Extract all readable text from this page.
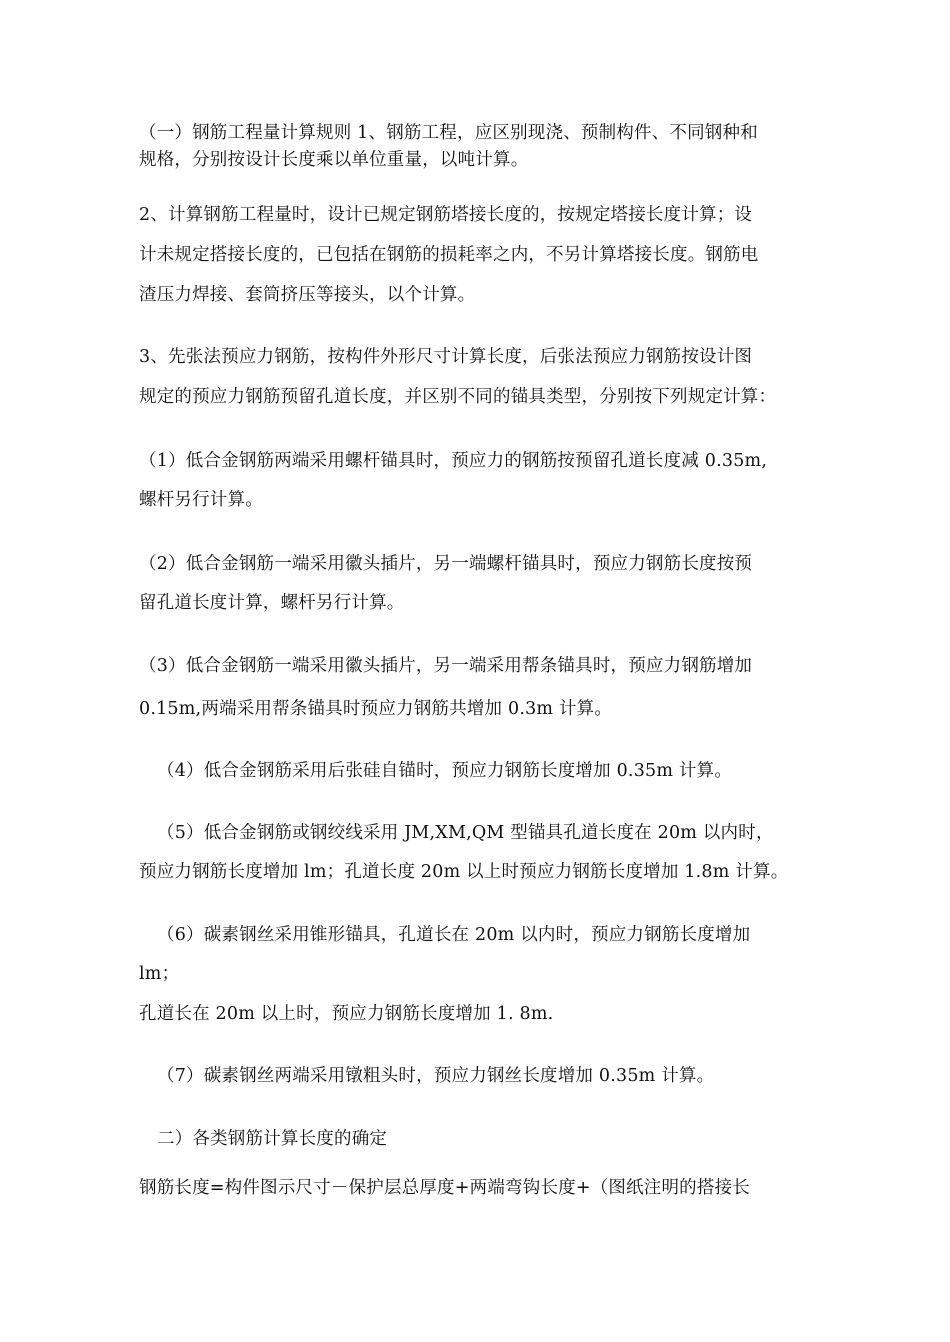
（一）钢筋工程量计算规则 1、钢筋工程，应区别现浇、预制构件、不同钢种和
规格，分别按设计长度乘以单位重量，以吨计算。
2、计算钢筋工程量时，设计已规定钢筋塔接长度的，按规定塔接长度计算；设
计未规定搭接长度的，已包括在钢筋的损耗率之内，不另计算塔接长度。钢筋电
渣压力焊接、套筒挤压等接头，以个计算。
3、先张法预应力钢筋，按构件外形尺寸计算长度，后张法预应力钢筋按设计图
规定的预应力钢筋预留孔道长度，并区别不同的锚具类型，分别按下列规定计算：
（1）低合金钢筋两端采用螺杆锚具时，预应力的钢筋按预留孔道长度减 0.35m,
螺杆另行计算。
（2）低合金钢筋一端采用徽头插片，另一端螺杆锚具时，预应力钢筋长度按预
留孔道长度计算，螺杆另行计算。
（3）低合金钢筋一端采用徽头插片，另一端采用帮条锚具时，预应力钢筋增加
0.15m,两端采用帮条锚具时预应力钢筋共增加 0.3m 计算。
（4）低合金钢筋采用后张硅自锚时，预应力钢筋长度增加 0.35m 计算。
（5）低合金钢筋或钢绞线采用 JM,XM,QM 型锚具孔道长度在 20m 以内时，
预应力钢筋长度增加 lm；孔道长度 20m 以上时预应力钢筋长度增加 1.8m 计算。
（6）碳素钢丝采用锥形锚具，孔道长在 20m 以内时，预应力钢筋长度增加
lm；
孔道长在 20m 以上时，预应力钢筋长度增加 1. 8m.
（7）碳素钢丝两端采用镦粗头时，预应力钢丝长度增加 0.35m 计算。
二）各类钢筋计算长度的确定
钢筋长度=构件图示尺寸－保护层总厚度+两端弯钩长度+（图纸注明的搭接长
